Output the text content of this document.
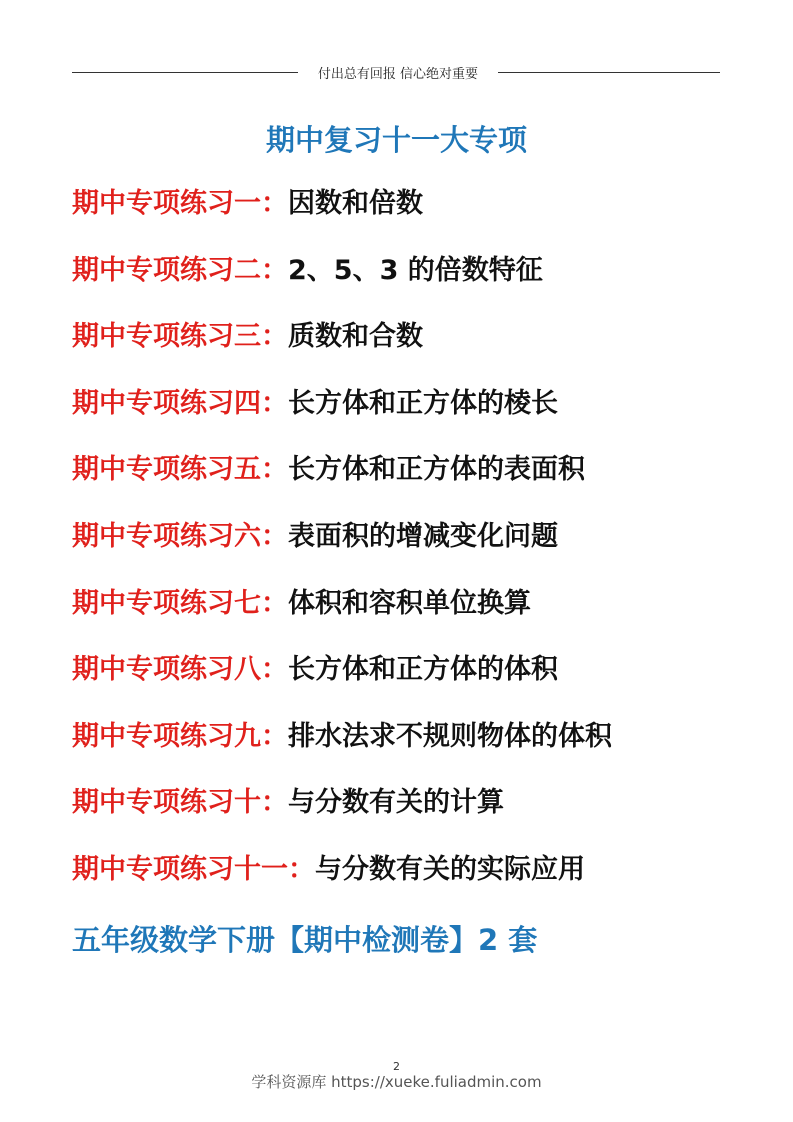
付出总有回报 信心绝对重要
期中复习十一大专项
期中专项练习一：因数和倍数
期中专项练习二：2、5、3 的倍数特征
期中专项练习三：质数和合数
期中专项练习四：长方体和正方体的棱长
期中专项练习五：长方体和正方体的表面积
期中专项练习六：表面积的增减变化问题
期中专项练习七：体积和容积单位换算
期中专项练习八：长方体和正方体的体积
期中专项练习九：排水法求不规则物体的体积
期中专项练习十：与分数有关的计算
期中专项练习十一：与分数有关的实际应用
五年级数学下册【期中检测卷】2 套
2
学科资源库 https://xueke.fuliadmin.com
